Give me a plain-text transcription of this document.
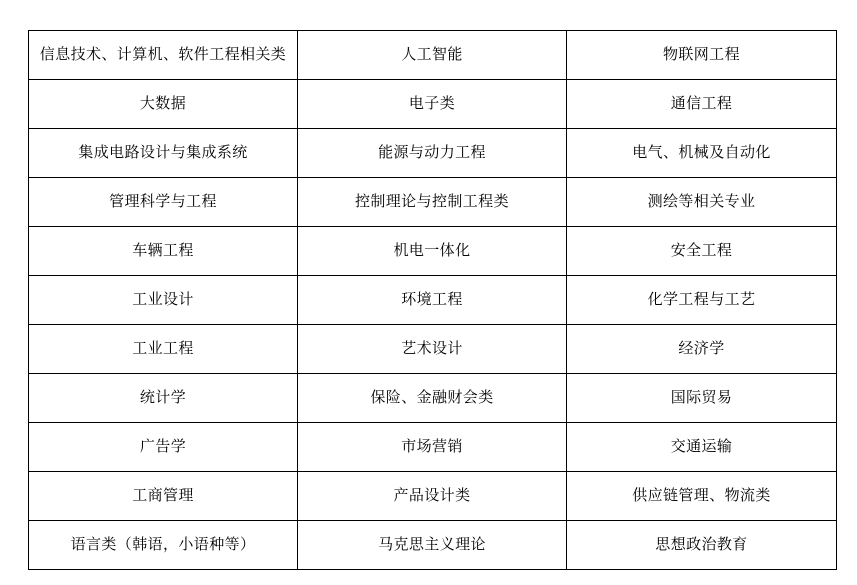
信息技术、计算机、软件工程相关类	人工智能	物联网工程
大数据	电子类	通信工程
集成电路设计与集成系统	能源与动力工程	电气、机械及自动化
管理科学与工程	控制理论与控制工程类	测绘等相关专业
车辆工程	机电一体化	安全工程
工业设计	环境工程	化学工程与工艺
工业工程	艺术设计	经济学
统计学	保险、金融财会类	国际贸易
广告学	市场营销	交通运输
工商管理	产品设计类	供应链管理、物流类
语言类（韩语，小语种等）	马克思主义理论	思想政治教育
